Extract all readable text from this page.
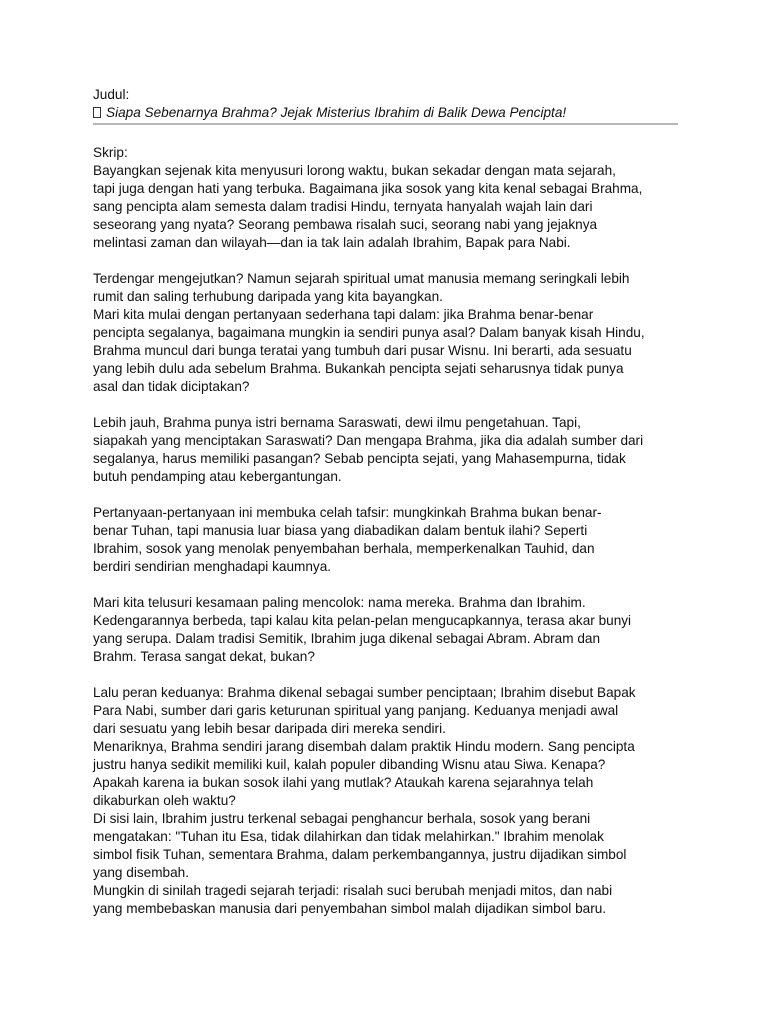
Judul:
Siapa Sebenarnya Brahma? Jejak Misterius Ibrahim di Balik Dewa Pencipta!
Skrip:
Bayangkan sejenak kita menyusuri lorong waktu, bukan sekadar dengan mata sejarah,
tapi juga dengan hati yang terbuka. Bagaimana jika sosok yang kita kenal sebagai Brahma,
sang pencipta alam semesta dalam tradisi Hindu, ternyata hanyalah wajah lain dari
seseorang yang nyata? Seorang pembawa risalah suci, seorang nabi yang jejaknya
melintasi zaman dan wilayah—dan ia tak lain adalah Ibrahim, Bapak para Nabi.
Terdengar mengejutkan? Namun sejarah spiritual umat manusia memang seringkali lebih
rumit dan saling terhubung daripada yang kita bayangkan.
Mari kita mulai dengan pertanyaan sederhana tapi dalam: jika Brahma benar-benar
pencipta segalanya, bagaimana mungkin ia sendiri punya asal? Dalam banyak kisah Hindu,
Brahma muncul dari bunga teratai yang tumbuh dari pusar Wisnu. Ini berarti, ada sesuatu
yang lebih dulu ada sebelum Brahma. Bukankah pencipta sejati seharusnya tidak punya
asal dan tidak diciptakan?
Lebih jauh, Brahma punya istri bernama Saraswati, dewi ilmu pengetahuan. Tapi,
siapakah yang menciptakan Saraswati? Dan mengapa Brahma, jika dia adalah sumber dari
segalanya, harus memiliki pasangan? Sebab pencipta sejati, yang Mahasempurna, tidak
butuh pendamping atau kebergantungan.
Pertanyaan-pertanyaan ini membuka celah tafsir: mungkinkah Brahma bukan benar-
benar Tuhan, tapi manusia luar biasa yang diabadikan dalam bentuk ilahi? Seperti
Ibrahim, sosok yang menolak penyembahan berhala, memperkenalkan Tauhid, dan
berdiri sendirian menghadapi kaumnya.
Mari kita telusuri kesamaan paling mencolok: nama mereka. Brahma dan Ibrahim.
Kedengarannya berbeda, tapi kalau kita pelan-pelan mengucapkannya, terasa akar bunyi
yang serupa. Dalam tradisi Semitik, Ibrahim juga dikenal sebagai Abram. Abram dan
Brahm. Terasa sangat dekat, bukan?
Lalu peran keduanya: Brahma dikenal sebagai sumber penciptaan; Ibrahim disebut Bapak
Para Nabi, sumber dari garis keturunan spiritual yang panjang. Keduanya menjadi awal
dari sesuatu yang lebih besar daripada diri mereka sendiri.
Menariknya, Brahma sendiri jarang disembah dalam praktik Hindu modern. Sang pencipta
justru hanya sedikit memiliki kuil, kalah populer dibanding Wisnu atau Siwa. Kenapa?
Apakah karena ia bukan sosok ilahi yang mutlak? Ataukah karena sejarahnya telah
dikaburkan oleh waktu?
Di sisi lain, Ibrahim justru terkenal sebagai penghancur berhala, sosok yang berani
mengatakan: "Tuhan itu Esa, tidak dilahirkan dan tidak melahirkan." Ibrahim menolak
simbol fisik Tuhan, sementara Brahma, dalam perkembangannya, justru dijadikan simbol
yang disembah.
Mungkin di sinilah tragedi sejarah terjadi: risalah suci berubah menjadi mitos, dan nabi
yang membebaskan manusia dari penyembahan simbol malah dijadikan simbol baru.
